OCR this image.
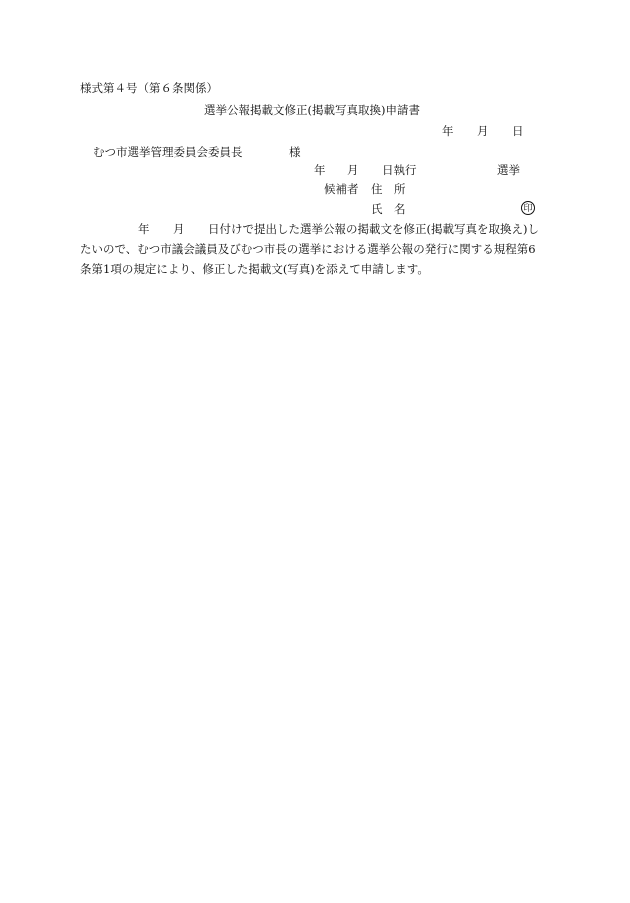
様式第４号（第６条関係）
選挙公報掲載文修正(掲載写真取換)申請書
年 月 日
むつ市選挙管理委員会委員長	様
年 月 日執行	選挙
候補者 住　所
氏　名	印
年 月 日付けで提出した選挙公報の掲載文を修正(掲載写真を取換え)し
たいので、むつ市議会議員及びむつ市長の選挙における選挙公報の発行に関する規程第6
条第1項の規定により、修正した掲載文(写真)を添えて申請します。
